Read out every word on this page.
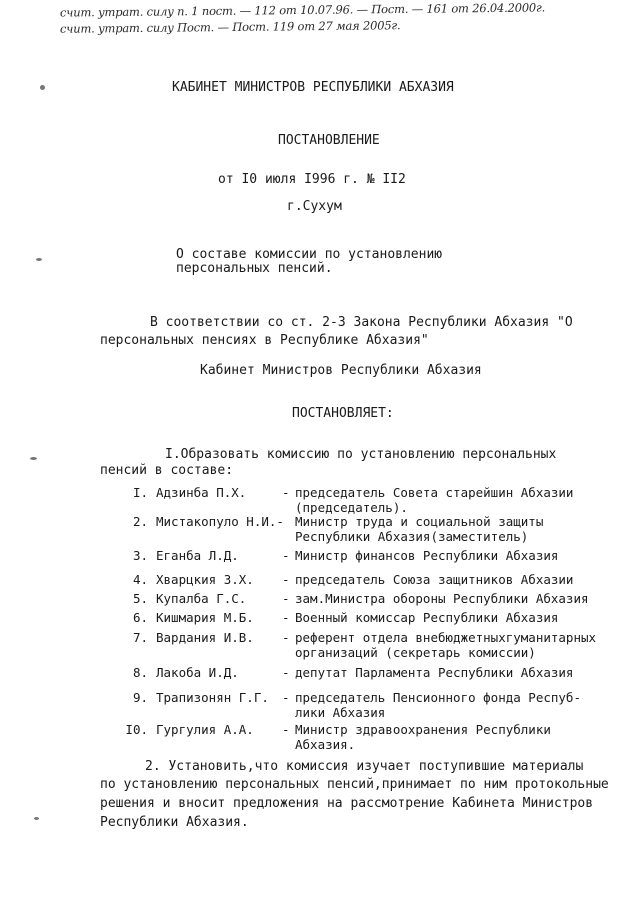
счит. утрат. силу п. 1 пост. — 112 от 10.07.96. — Пост. — 161 от 26.04.2000г.
счит. утрат. силу Пост. — Пост. 119 от 27 мая 2005г.
КАБИНЕТ МИНИСТРОВ РЕСПУБЛИКИ АБХАЗИЯ
ПОСТАНОВЛЕНИЕ
от I0 июля I996 г. № II2
г.Сухум
О составе комиссии по установлению
персональных пенсий.
В соответствии со ст. 2-3 Закона Республики Абхазия "О
персональных пенсиях в Республике Абхазия"
Кабинет Министров Республики Абхазия
ПОСТАНОВЛЯЕТ:
I.Образовать комиссию по установлению персональных
пенсий в составе:
I. Адзинба П.Х.	- председатель Совета старейшин Абхазии
(председатель).
2. Мистакопуло Н.И.- Министр труда и социальной защиты
Республики Абхазия(заместитель)
3. Еганба Л.Д.	- Министр финансов Республики Абхазия
4. Хварцкия З.Х. - председатель Союза защитников Абхазии
5. Купалба Г.С.	- зам.Министра обороны Республики Абхазия
6. Кишмария М.Б. - Военный комиссар Республики Абхазия
7. Вардания И.В. - референт отдела внебюджетныхгуманитарных
организаций (секретарь комиссии)
8. Лакоба И.Д.	- депутат Парламента Республики Абхазия
9. Трапизонян Г.Г. - председатель Пенсионного фонда Респуб-
лики Абхазия
I0. Гургулия А.А. - Министр здравоохранения Республики
Абхазия.
2. Установить,что комиссия изучает поступившие материалы
по установлению персональных пенсий,принимает по ним протокольные
решения и вносит предложения на рассмотрение Кабинета Министров
Республики Абхазия.
